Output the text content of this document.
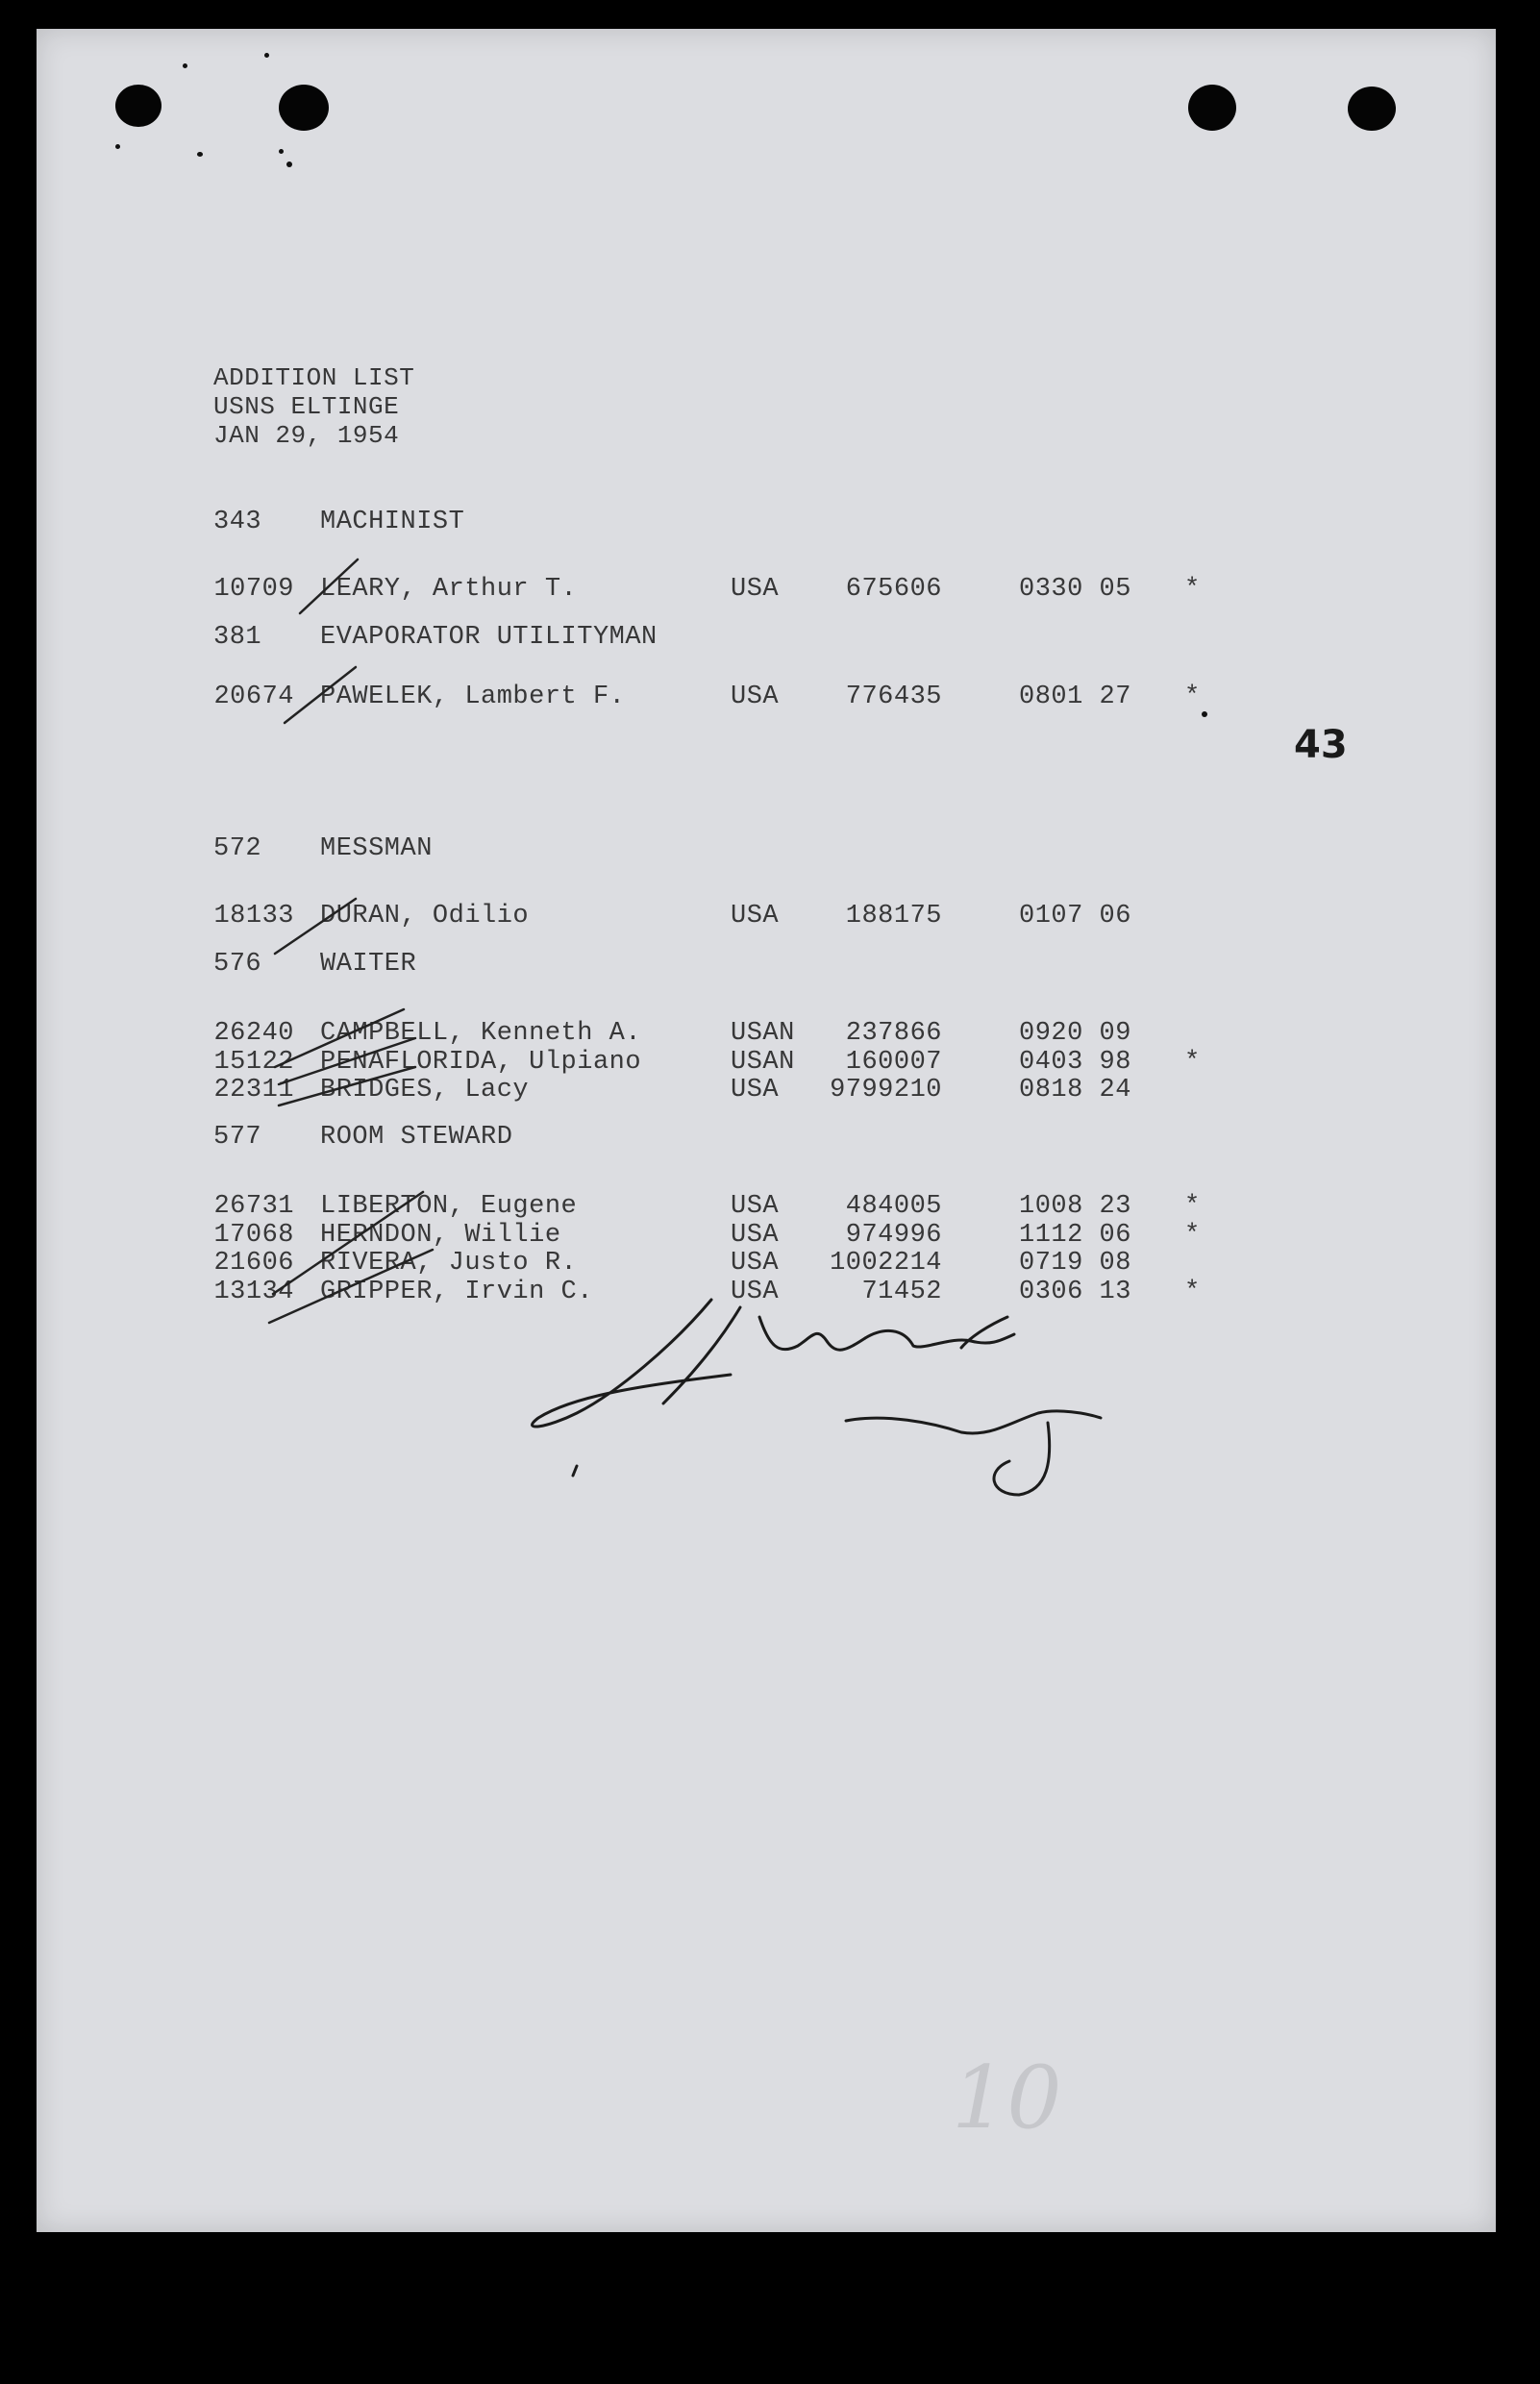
ADDITION LIST
USNS ELTINGE
JAN 29, 1954
43
10
343 MACHINIST
10709 LEARY, Arthur T.	USA	675606	0330 05 *
381 EVAPORATOR UTILITYMAN
20674 PAWELEK, Lambert F.	USA	776435	0801 27 *
572 MESSMAN
18133 DURAN, Odilio	USA	188175	0107 06
576 WAITER
26240 CAMPBELL, Kenneth A.	USAN	237866	0920 09
15122 PENAFLORIDA, Ulpiano	USAN	160007	0403 98 *
22311 BRIDGES, Lacy	USA	9799210	0818 24
577 ROOM STEWARD
26731 LIBERTON, Eugene	USA	484005	1008 23 *
17068 HERNDON, Willie	USA	974996	1112 06 *
21606 RIVERA, Justo R.	USA	1002214	0719 08
13134 GRIPPER, Irvin C.	USA	71452	0306 13 *
